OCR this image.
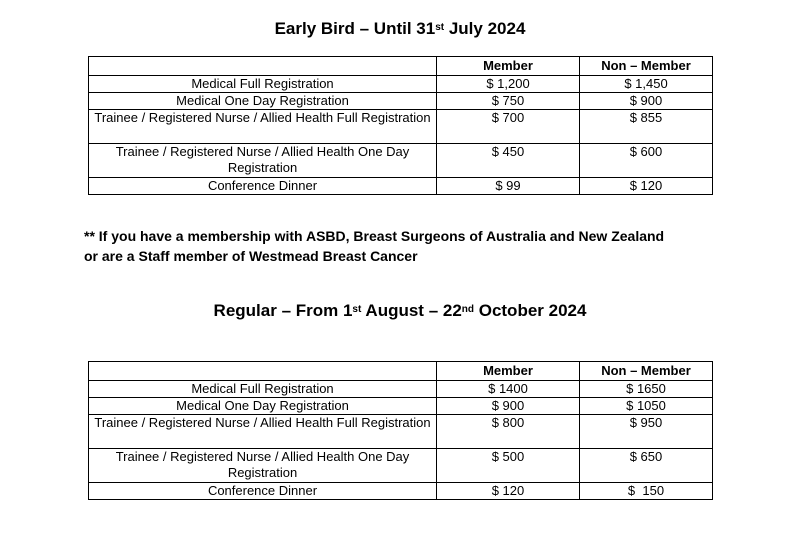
Early Bird – Until 31st July 2024
	Member	Non – Member
Medical Full Registration	$ 1,200	$ 1,450
Medical One Day Registration	$ 750	$ 900
Trainee / Registered Nurse / Allied Health Full Registration	$ 700	$ 855
Trainee / Registered Nurse / Allied Health One Day Registration	$ 450	$ 600
Conference Dinner	$ 99	$ 120
** If you have a membership with ASBD, Breast Surgeons of Australia and New Zealand
or are a Staff member of Westmead Breast Cancer
Regular – From 1st August – 22nd October 2024
	Member	Non – Member
Medical Full Registration	$ 1400	$ 1650
Medical One Day Registration	$ 900	$ 1050
Trainee / Registered Nurse / Allied Health Full Registration	$ 800	$ 950
Trainee / Registered Nurse / Allied Health One Day Registration	$ 500	$ 650
Conference Dinner	$ 120	$  150
